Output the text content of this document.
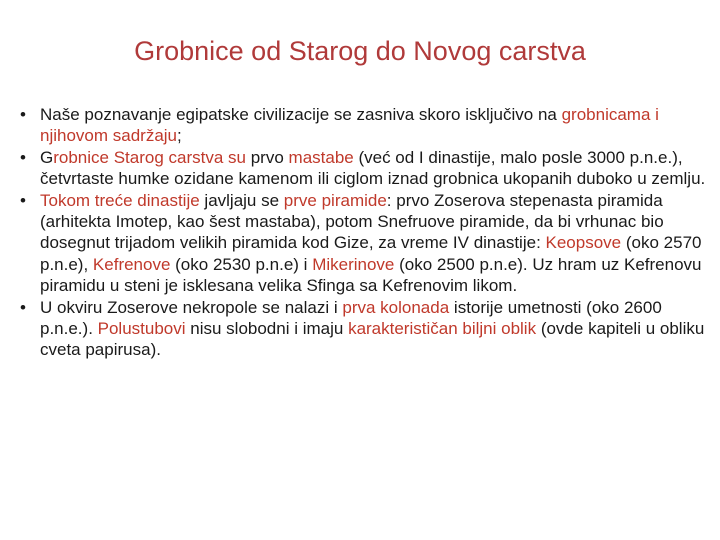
Grobnice od Starog do Novog carstva
• Naše poznavanje egipatske civilizacije se zasniva skoro isključivo na grobnicama i njihovom sadržaju;
• Grobnice Starog carstva su prvo mastabe (već od I dinastije, malo posle 3000 p.n.e.), četvrtaste humke ozidane kamenom ili ciglom iznad grobnica ukopanih duboko u zemlju.
• Tokom treće dinastije javljaju se prve piramide: prvo Zoserova stepenasta piramida (arhitekta Imotep, kao šest mastaba), potom Snefruove piramide, da bi vrhunac bio dosegnut trijadom velikih piramida kod Gize, za vreme IV dinastije: Keopsove (oko 2570 p.n.e), Kefrenove (oko 2530 p.n.e) i Mikerinove (oko 2500 p.n.e). Uz hram uz Kefrenovu piramidu u steni je isklesana velika Sfinga sa Kefrenovim likom.
• U okviru Zoserove nekropole se nalazi i prva kolonada istorije umetnosti (oko 2600 p.n.e.). Polustubovi nisu slobodni i imaju karakterističan biljni oblik (ovde kapiteli u obliku cveta papirusa).
